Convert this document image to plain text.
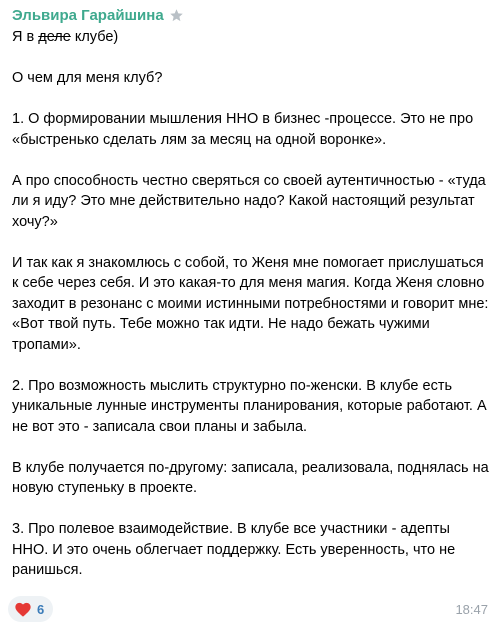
Эльвира Гарайшина

Я в деле клубе)

О чем для меня клуб?

1. О формировании мышления ННО в бизнес -процессе. Это не про «быстренько сделать лям за месяц на одной воронке».

А про способность честно сверяться со своей аутентичностью - «туда ли я иду? Это мне действительно надо? Какой настоящий результат хочу?»

И так как я знакомлюсь с собой, то Женя мне помогает прислушаться к себе через себя. И это какая-то для меня магия. Когда Женя словно заходит в резонанс с моими истинными потребностями и говорит мне: «Вот твой путь. Тебе можно так идти. Не надо бежать чужими тропами».

2. Про возможность мыслить структурно по-женски. В клубе есть уникальные лунные инструменты планирования, которые работают. А не вот это - записала свои планы и забыла.

В клубе получается по-другому: записала, реализовала, поднялась на новую ступеньку в проекте.

3. Про полевое взаимодействие. В клубе все участники - адепты ННО. И это очень облегчает поддержку. Есть уверенность, что не ранишься.

6	18:47
